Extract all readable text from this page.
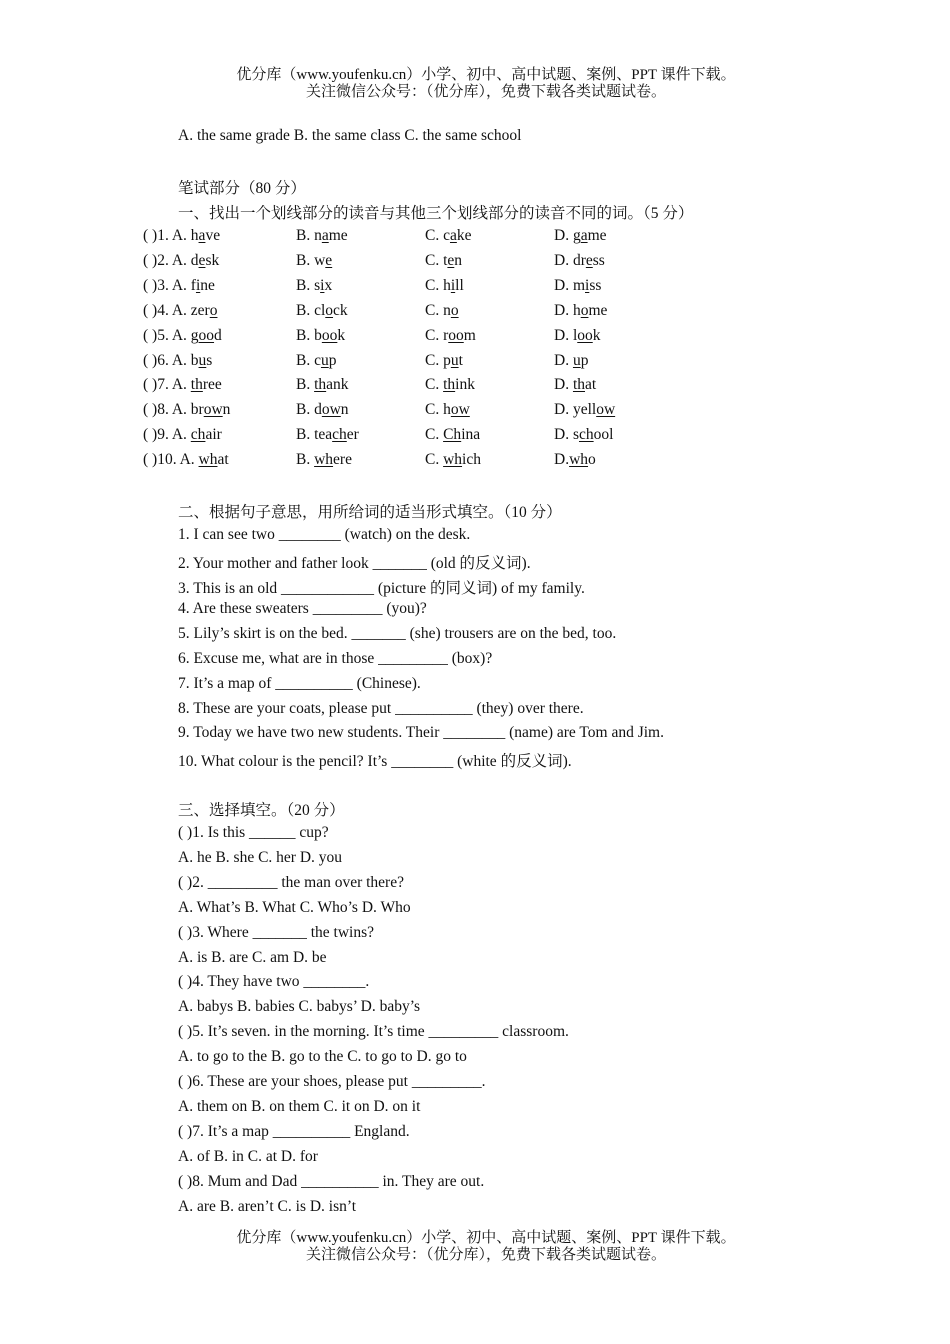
优分库（www.youfenku.cn）小学、初中、高中试题、案例、PPT 课件下载。
关注微信公众号：（优分库），免费下载各类试题试卷。
A. the same grade B. the same class C. the same school
笔试部分（80 分）
一、找出一个划线部分的读音与其他三个划线部分的读音不同的词。（5 分）
( )1. A. have	B. name	C. cake	D. game
( )2. A. desk	B. we	C. ten	D. dress
( )3. A. fine	B. six	C. hill	D. miss
( )4. A. zero	B. clock	C. no	D. home
( )5. A. good	B. book	C. room	D. look
( )6. A. bus	B. cup	C. put	D. up
( )7. A. three	B. thank	C. think	D. that
( )8. A. brown	B. down	C. how	D. yellow
( )9. A. chair	B. teacher	C. China	D. school
( )10. A. what	B. where	C. which	D.who
二、根据句子意思，用所给词的适当形式填空。（10 分）
1. I can see two ________ (watch) on the desk.
2. Your mother and father look _______ (old 的反义词).
3. This is an old ____________ (picture 的同义词) of my family.
4. Are these sweaters _________ (you)?
5. Lily’s skirt is on the bed. _______ (she) trousers are on the bed, too.
6. Excuse me, what are in those _________ (box)?
7. It’s a map of __________ (Chinese).
8. These are your coats, please put __________ (they) over there.
9. Today we have two new students. Their ________ (name) are Tom and Jim.
10. What colour is the pencil? It’s ________ (white 的反义词).
三、选择填空。（20 分）
( )1. Is this ______ cup?
A. he B. she C. her D. you
( )2. _________ the man over there?
A. What’s B. What C. Who’s D. Who
( )3. Where _______ the twins?
A. is B. are C. am D. be
( )4. They have two ________.
A. babys B. babies C. babys’ D. baby’s
( )5. It’s seven. in the morning. It’s time _________ classroom.
A. to go to the B. go to the C. to go to D. go to
( )6. These are your shoes, please put _________.
A. them on B. on them C. it on D. on it
( )7. It’s a map __________ England.
A. of B. in C. at D. for
( )8. Mum and Dad __________ in. They are out.
A. are B. aren’t C. is D. isn’t
优分库（www.youfenku.cn）小学、初中、高中试题、案例、PPT 课件下载。
关注微信公众号：（优分库），免费下载各类试题试卷。
